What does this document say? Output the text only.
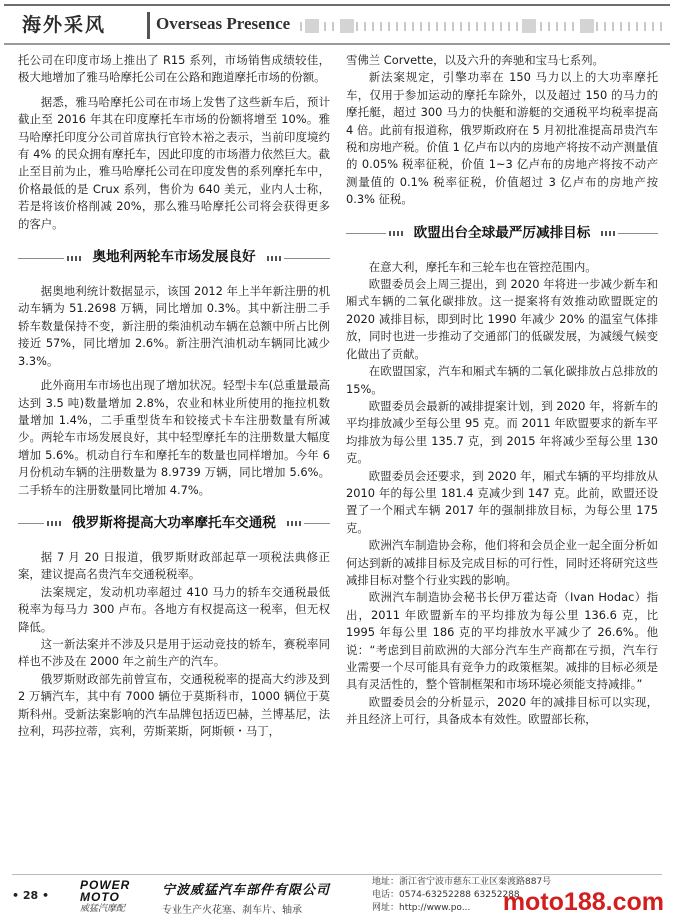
海外采风	Overseas Presence

托公司在印度市场上推出了 R15 系列，市场销售成绩较佳，极大地增加了雅马哈摩托公司在公路和跑道摩托市场的份额。

据悉，雅马哈摩托公司在市场上发售了这些新车后，预计截止至 2016 年其在印度摩托车市场的份额将增至 10%。雅马哈摩托印度分公司首席执行官铃木裕之表示，当前印度境约有 4% 的民众拥有摩托车，因此印度的市场潜力依然巨大。截止至目前为止，雅马哈摩托公司在印度发售的系列摩托车中，价格最低的是 Crux 系列，售价为 640 美元，业内人士称，若是将该价格削减 20%，那么雅马哈摩托公司将会获得更多的客户。

奥地利两轮车市场发展良好

据奥地利统计数据显示，该国 2012 年上半年新注册的机动车辆为 51.2698 万辆，同比增加 0.3%。其中新注册二手轿车数量保持不变，新注册的柴油机动车辆在总额中所占比例接近 57%，同比增加 2.6%。新注册汽油机动车辆同比减少 3.3%。

此外商用车市场也出现了增加状况。轻型卡车(总重量最高达到 3.5 吨)数量增加 2.8%，农业和林业所使用的拖拉机数量增加 1.4%，二手重型货车和铰接式卡车注册数量有所减少。两轮车市场发展良好，其中轻型摩托车的注册数量大幅度增加 5.6%。机动自行车和摩托车的数量也同样增加。今年 6 月份机动车辆的注册数量为 8.9739 万辆，同比增加 5.6%。二手轿车的注册数量同比增加 4.7%。

俄罗斯将提高大功率摩托车交通税

据 7 月 20 日报道，俄罗斯财政部起草一项税法典修正案，建议提高名贵汽车交通税税率。

法案规定，发动机功率超过 410 马力的轿车交通税最低税率为每马力 300 卢布。各地方有权提高这一税率，但无权降低。

这一新法案并不涉及只是用于运动竞技的轿车，赛税率同样也不涉及在 2000 年之前生产的汽车。

俄罗斯财政部先前曾宣布，交通税税率的提高大约涉及到 2 万辆汽车，其中有 7000 辆位于莫斯科市，1000 辆位于莫斯科州。受新法案影响的汽车品牌包括迈巴赫，兰博基尼，法拉利，玛莎拉蒂，宾利，劳斯莱斯，阿斯顿・马丁，

雪佛兰 Corvette，以及六升的奔驰和宝马七系列。

新法案规定，引擎功率在 150 马力以上的大功率摩托车，仅用于参加运动的摩托车除外，以及超过 150 的马力的摩托艇，超过 300 马力的快艇和游艇的交通税平均税率提高 4 倍。此前有报道称，俄罗斯政府在 5 月初批准提高昂贵汽车税和房地产税。价值 1 亿卢布以内的房地产将按不动产测量值的 0.05% 税率征税，价值 1~3 亿卢布的房地产将按不动产测量值的 0.1% 税率征税，价值超过 3 亿卢布的房地产按 0.3% 征税。

欧盟出台全球最严厉减排目标

在意大利，摩托车和三轮车也在管控范围内。

欧盟委员会上周三提出，到 2020 年将进一步减少新车和厢式车辆的二氧化碳排放。这一提案将有效推动欧盟既定的 2020 减排目标，即到时比 1990 年减少 20% 的温室气体排放，同时也进一步推动了交通部门的低碳发展，为减缓气候变化做出了贡献。

在欧盟国家，汽车和厢式车辆的二氧化碳排放占总排放的 15%。

欧盟委员会最新的减排提案计划，到 2020 年，将新车的平均排放减少至每公里 95 克。而 2011 年欧盟要求的新车平均排放为每公里 135.7 克，到 2015 年将减少至每公里 130 克。

欧盟委员会还要求，到 2020 年，厢式车辆的平均排放从 2010 年的每公里 181.4 克减少到 147 克。此前，欧盟还设置了一个厢式车辆 2017 年的强制排放目标，为每公里 175 克。

欧洲汽车制造协会称，他们将和会员企业一起全面分析如何达到新的减排目标及完成目标的可行性，同时还将研究这些减排目标对整个行业实践的影响。

欧洲汽车制造协会秘书长伊万霍达奇（Ivan Hodac）指出，2011 年欧盟新车的平均排放为每公里 136.6 克，比 1995 年每公里 186 克的平均排放水平减少了 26.6%。他说：“考虑到目前欧洲的大部分汽车生产商都在亏损，汽车行业需要一个尽可能具有竞争力的政策框架。减排的目标必须是具有灵活性的，整个管制框架和市场环境必须能支持减排。”

欧盟委员会的分析显示，2020 年的减排目标可以实现，并且经济上可行，具备成本有效性。欧盟部长称，

• 28 •
POWER MOTO
威猛汽摩配
宁波威猛汽车部件有限公司
专业生产火花塞、刹车片、轴承
地址：浙江省宁波市慈东工业区秦渡路887号
电话：0574-63252288 63252288
网址：http://www.po...	moto188.com
